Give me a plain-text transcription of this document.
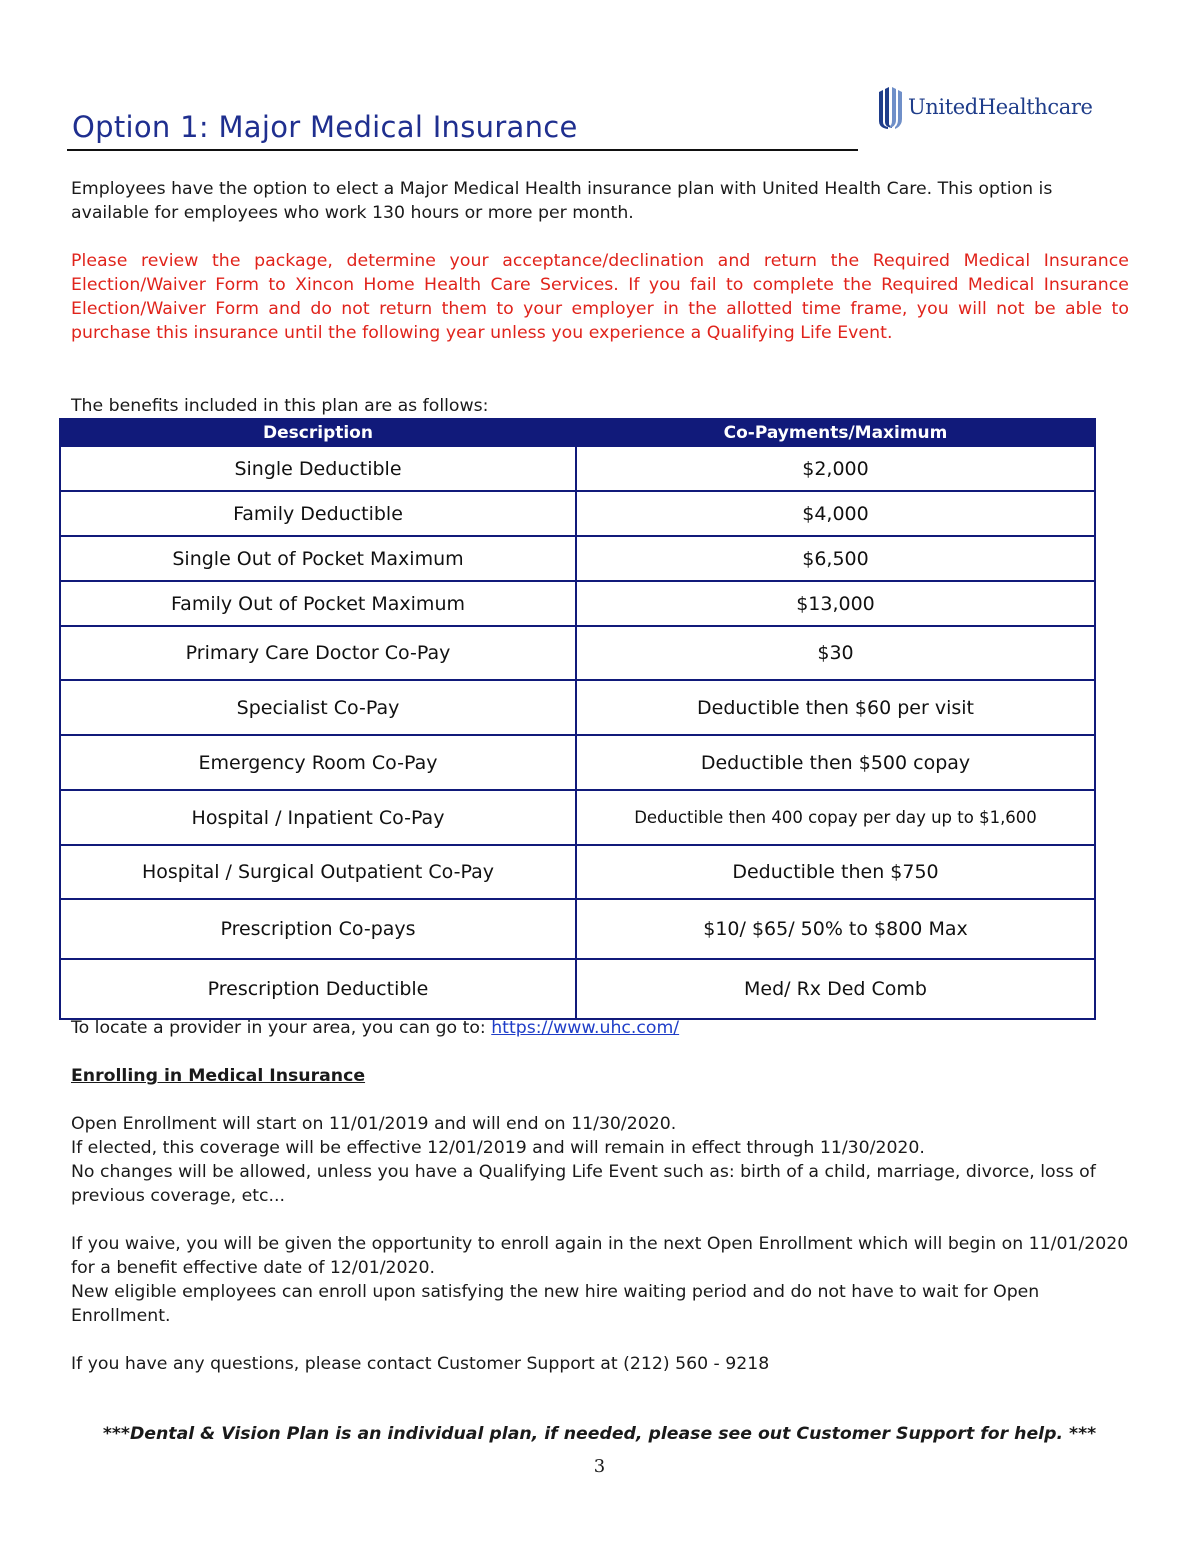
Option 1: Major Medical Insurance
UnitedHealthcare
Employees have the option to elect a Major Medical Health insurance plan with United Health Care. This option is available for employees who work 130 hours or more per month.
Please review the package, determine your acceptance/declination and return the Required Medical Insurance Election/Waiver Form to Xincon Home Health Care Services. If you fail to complete the Required Medical Insurance Election/Waiver Form and do not return them to your employer in the allotted time frame, you will not be able to purchase this insurance until the following year unless you experience a Qualifying Life Event.
The benefits included in this plan are as follows:
Description	Co-Payments/Maximum
Single Deductible	$2,000
Family Deductible	$4,000
Single Out of Pocket Maximum	$6,500
Family Out of Pocket Maximum	$13,000
Primary Care Doctor Co-Pay	$30
Specialist Co-Pay	Deductible then $60 per visit
Emergency Room Co-Pay	Deductible then $500 copay
Hospital / Inpatient Co-Pay	Deductible then 400 copay per day up to $1,600
Hospital / Surgical Outpatient Co-Pay	Deductible then $750
Prescription Co-pays	$10/ $65/ 50% to $800 Max
Prescription Deductible	Med/ Rx Ded Comb
To locate a provider in your area, you can go to: https://www.uhc.com/
Enrolling in Medical Insurance
Open Enrollment will start on 11/01/2019 and will end on 11/30/2020.
If elected, this coverage will be effective 12/01/2019 and will remain in effect through 11/30/2020.
No changes will be allowed, unless you have a Qualifying Life Event such as: birth of a child, marriage, divorce, loss of previous coverage, etc...
If you waive, you will be given the opportunity to enroll again in the next Open Enrollment which will begin on 11/01/2020 for a benefit effective date of 12/01/2020.
New eligible employees can enroll upon satisfying the new hire waiting period and do not have to wait for Open Enrollment.
If you have any questions, please contact Customer Support at (212) 560 - 9218
***Dental & Vision Plan is an individual plan, if needed, please see out Customer Support for help. ***
3
